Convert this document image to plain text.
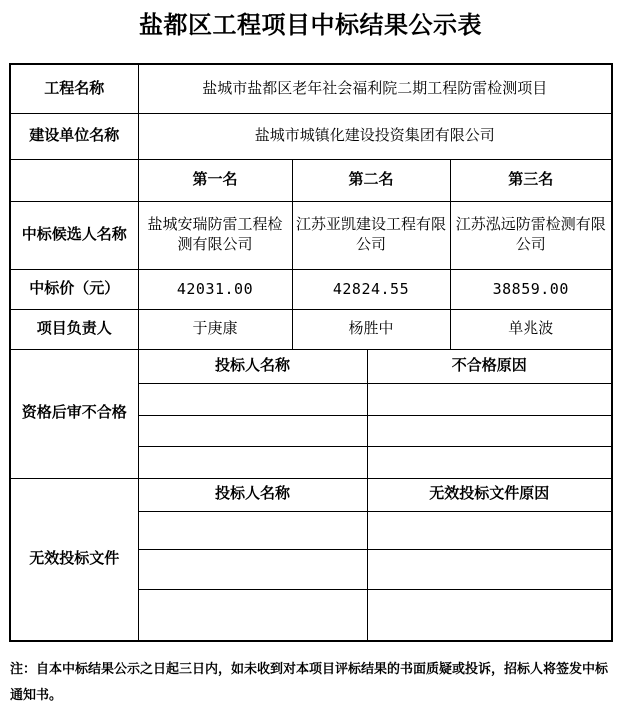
盐都区工程项目中标结果公示表
工程名称	盐城市盐都区老年社会福利院二期工程防雷检测项目			
建设单位名称	盐城市城镇化建设投资集团有限公司			
	第一名	第二名		第三名
中标候选人名称	盐城安瑞防雷工程检测有限公司	江苏亚凯建设工程有限公司		江苏泓远防雷检测有限公司
中标价（元）	42031.00	42824.55		38859.00
项目负责人	于庚康	杨胜中		单兆波
资格后审不合格	投标人名称		不合格原因	

无效投标文件	投标人名称		无效投标文件原因	

注：自本中标结果公示之日起三日内，如未收到对本项目评标结果的书面质疑或投诉，招标人将签发中标通知书。
